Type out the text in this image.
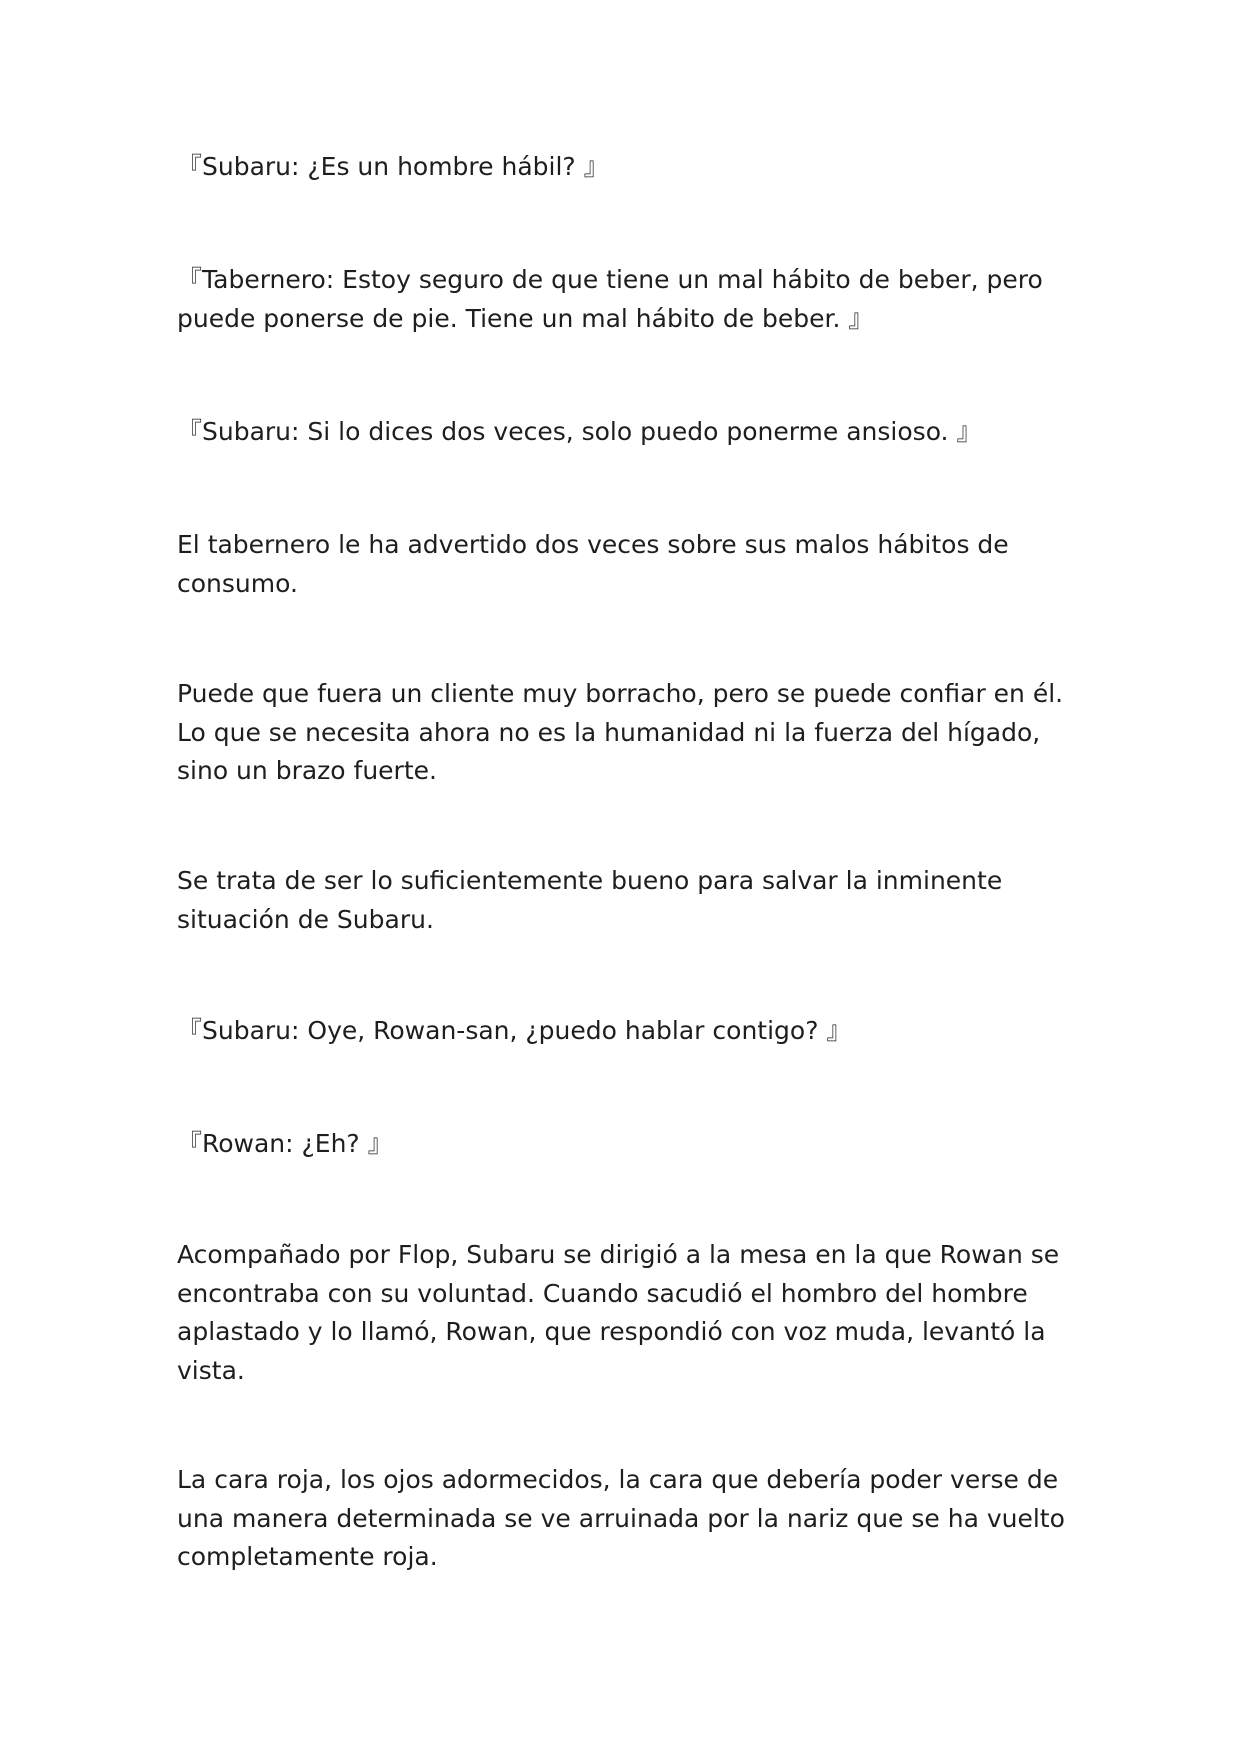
『Subaru: ¿Es un hombre hábil? 』

『Tabernero: Estoy seguro de que tiene un mal hábito de beber, pero puede ponerse de pie. Tiene un mal hábito de beber. 』

『Subaru: Si lo dices dos veces, solo puedo ponerme ansioso. 』

El tabernero le ha advertido dos veces sobre sus malos hábitos de consumo.

Puede que fuera un cliente muy borracho, pero se puede confiar en él. Lo que se necesita ahora no es la humanidad ni la fuerza del hígado, sino un brazo fuerte.

Se trata de ser lo suficientemente bueno para salvar la inminente situación de Subaru.

『Subaru: Oye, Rowan-san, ¿puedo hablar contigo? 』

『Rowan: ¿Eh? 』

Acompañado por Flop, Subaru se dirigió a la mesa en la que Rowan se encontraba con su voluntad. Cuando sacudió el hombro del hombre aplastado y lo llamó, Rowan, que respondió con voz muda, levantó la vista.

La cara roja, los ojos adormecidos, la cara que debería poder verse de una manera determinada se ve arruinada por la nariz que se ha vuelto completamente roja.
